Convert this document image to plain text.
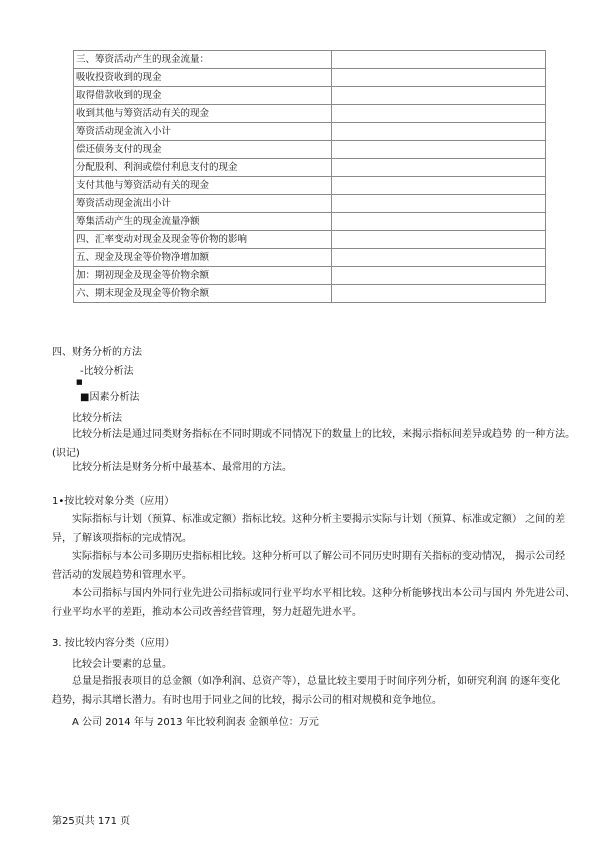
三、筹资活动产生的现金流量：	
吸收投资收到的现金	
取得借款收到的现金	
收到其他与筹资活动有关的现金	
筹资活动现金流入小计	
偿还债务支付的现金	
分配股利、利润或偿付利息支付的现金	
支付其他与筹资活动有关的现金	
筹资活动现金流出小计	
筹集活动产生的现金流量净额	
四、汇率变动对现金及现金等价物的影响	
五、现金及现金等价物净增加额	
加：期初现金及现金等价物余额	
六、期末现金及现金等价物余额	
四、财务分析的方法
-比较分析法
■
■因素分析法
比较分析法
比较分析法是通过同类财务指标在不同时期或不同情况下的数量上的比较，来揭示指标间差异或趋势 的一种方法。
(识记)
比较分析法是财务分析中最基本、最常用的方法。
1•按比较对象分类（应用）
实际指标与计划（预算、标准或定额）指标比较。这种分析主要揭示实际与计划（预算、标准或定额） 之间的差
异，了解该项指标的完成情况。
实际指标与本公司多期历史指标相比较。这种分析可以了解公司不同历史时期有关指标的变动情况， 揭示公司经
营活动的发展趋势和管理水平。
本公司指标与国内外同行业先进公司指标或同行业平均水平相比较。这种分析能够找出本公司与国内 外先进公司、
行业平均水平的差距，推动本公司改善经营管理，努力赶超先进水平。
3. 按比较内容分类（应用）
比较会计要素的总量。
总量是指报表项目的总金额（如净利润、总资产等），总量比较主要用于时间序列分析，如研究利润 的逐年变化
趋势，揭示其增长潜力。有时也用于同业之间的比较，揭示公司的相对规模和竞争地位。
A 公司 2014 年与 2013 年比较利润表 金额单位：万元
第25页共 171 页
